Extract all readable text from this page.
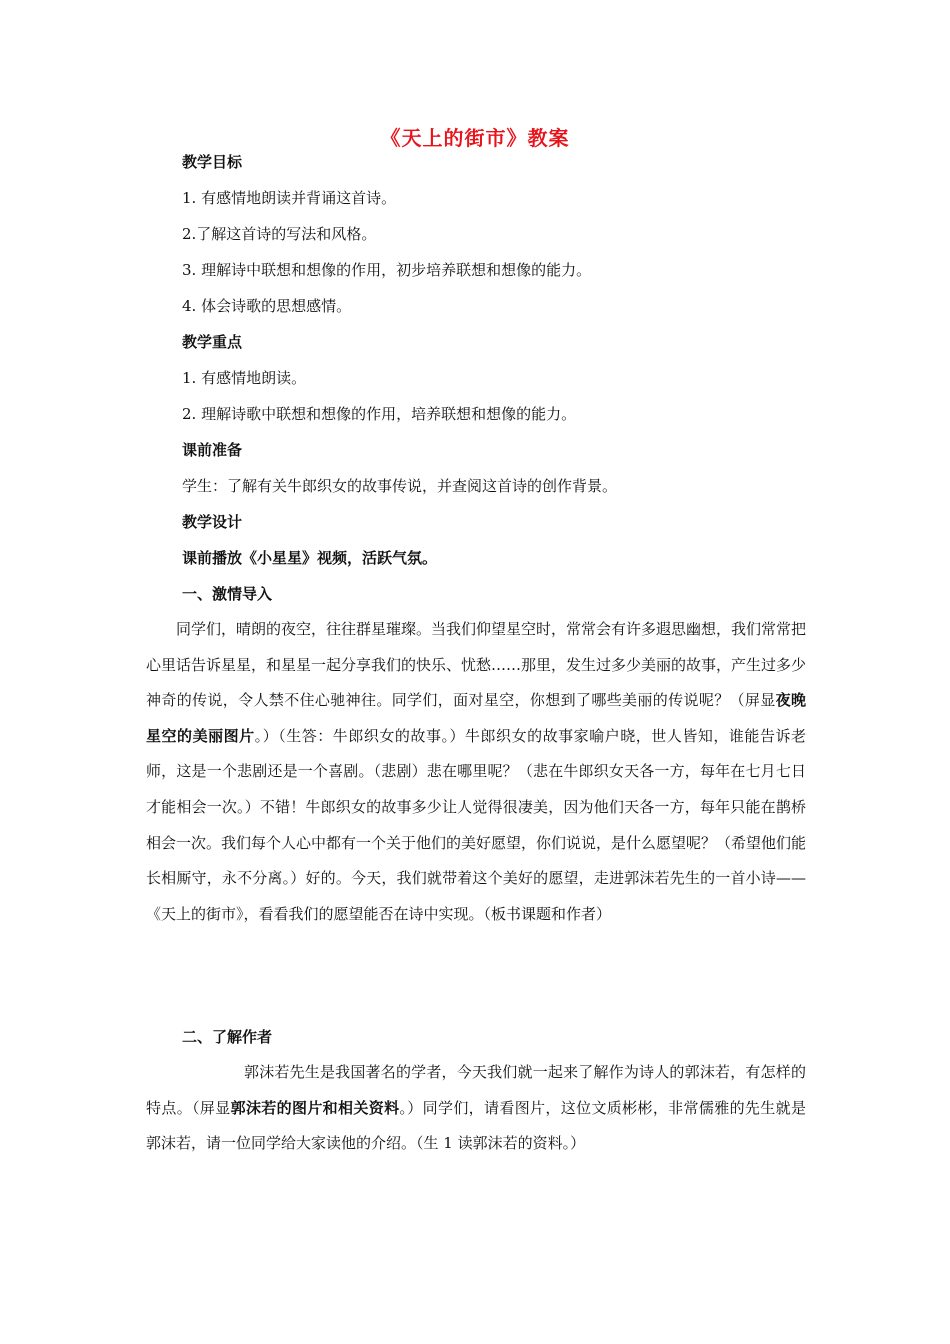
《天上的街市》教案
教学目标
1. 有感情地朗读并背诵这首诗。
2.了解这首诗的写法和风格。
3. 理解诗中联想和想像的作用，初步培养联想和想像的能力。
4. 体会诗歌的思想感情。
教学重点
1. 有感情地朗读。
2. 理解诗歌中联想和想像的作用，培养联想和想像的能力。
课前准备
学生：了解有关牛郎织女的故事传说，并查阅这首诗的创作背景。
教学设计
课前播放《小星星》视频，活跃气氛。
一、激情导入

同学们，晴朗的夜空，往往群星璀璨。当我们仰望星空时，常常会有许多遐思幽想，我们常常把心里话告诉星星，和星星一起分享我们的快乐、忧愁……那里，发生过多少美丽的故事，产生过多少神奇的传说，令人禁不住心驰神往。同学们，面对星空，你想到了哪些美丽的传说呢？（屏显夜晚星空的美丽图片。）（生答：牛郎织女的故事。）牛郎织女的故事家喻户晓，世人皆知，谁能告诉老师，这是一个悲剧还是一个喜剧。（悲剧）悲在哪里呢？（悲在牛郎织女天各一方，每年在七月七日才能相会一次。）不错！牛郎织女的故事多少让人觉得很凄美，因为他们天各一方，每年只能在鹊桥相会一次。我们每个人心中都有一个关于他们的美好愿望，你们说说，是什么愿望呢？（希望他们能长相厮守，永不分离。）好的。今天，我们就带着这个美好的愿望，走进郭沫若先生的一首小诗——《天上的街市》，看看我们的愿望能否在诗中实现。（板书课题和作者）

二、了解作者

郭沫若先生是我国著名的学者，今天我们就一起来了解作为诗人的郭沫若，有怎样的特点。（屏显郭沫若的图片和相关资料。）同学们，请看图片，这位文质彬彬，非常儒雅的先生就是郭沫若，请一位同学给大家读他的介绍。（生 1 读郭沫若的资料。）
